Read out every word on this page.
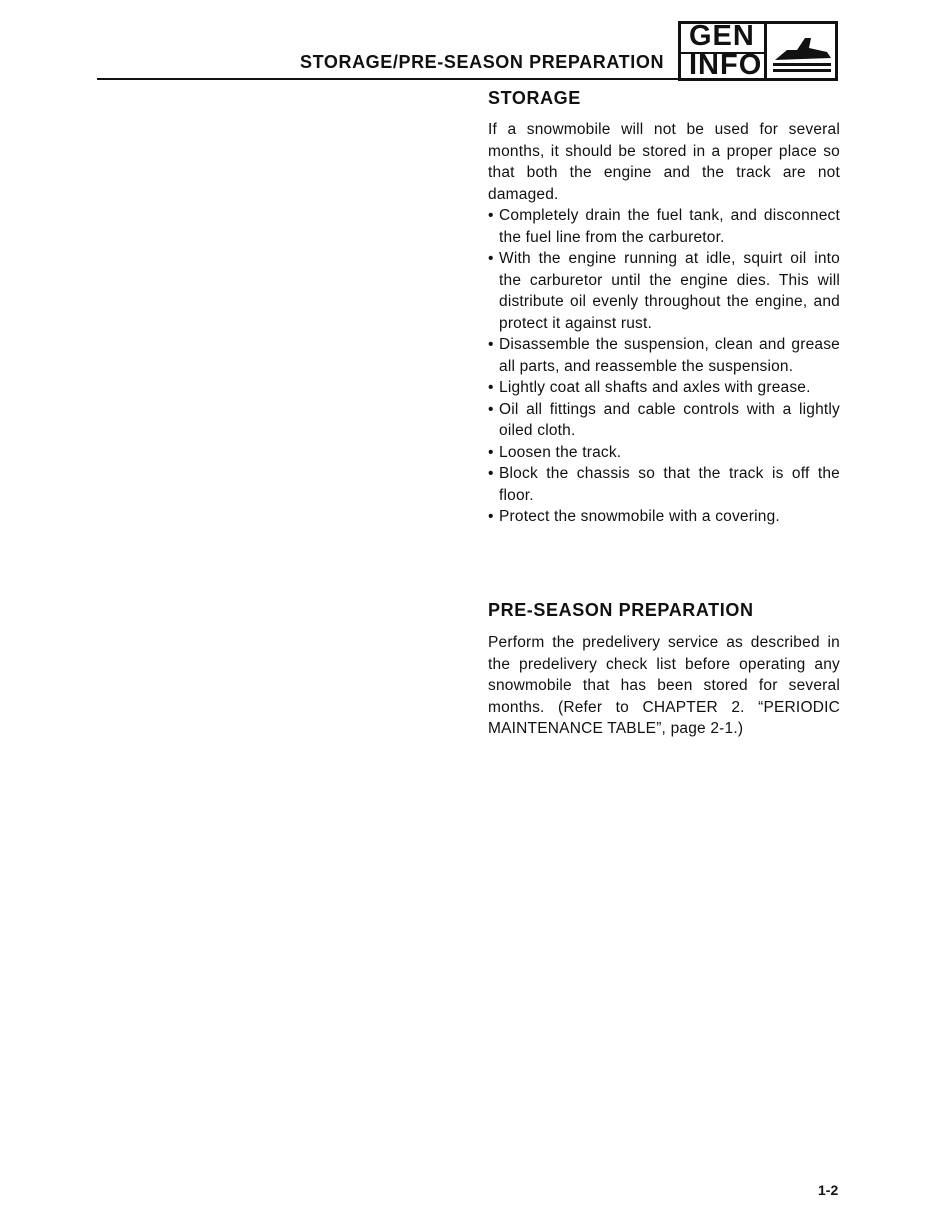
STORAGE/PRE-SEASON PREPARATION
GEN
INFO
STORAGE

If a snowmobile will not be used for several months, it should be stored in a proper place so that both the engine and the track are not damaged.

• Completely drain the fuel tank, and disconnect the fuel line from the carburetor.
• With the engine running at idle, squirt oil into the carburetor until the engine dies. This will distribute oil evenly throughout the engine, and protect it against rust.
• Disassemble the suspension, clean and grease all parts, and reassemble the suspension.
• Lightly coat all shafts and axles with grease.
• Oil all fittings and cable controls with a lightly oiled cloth.
• Loosen the track.
• Block the chassis so that the track is off the floor.
• Protect the snowmobile with a covering.
PRE-SEASON PREPARATION

Perform the predelivery service as described in the predelivery check list before operating any snowmobile that has been stored for several months. (Refer to CHAPTER 2. “PERIODIC MAINTENANCE TABLE”, page 2-1.)

1-2
